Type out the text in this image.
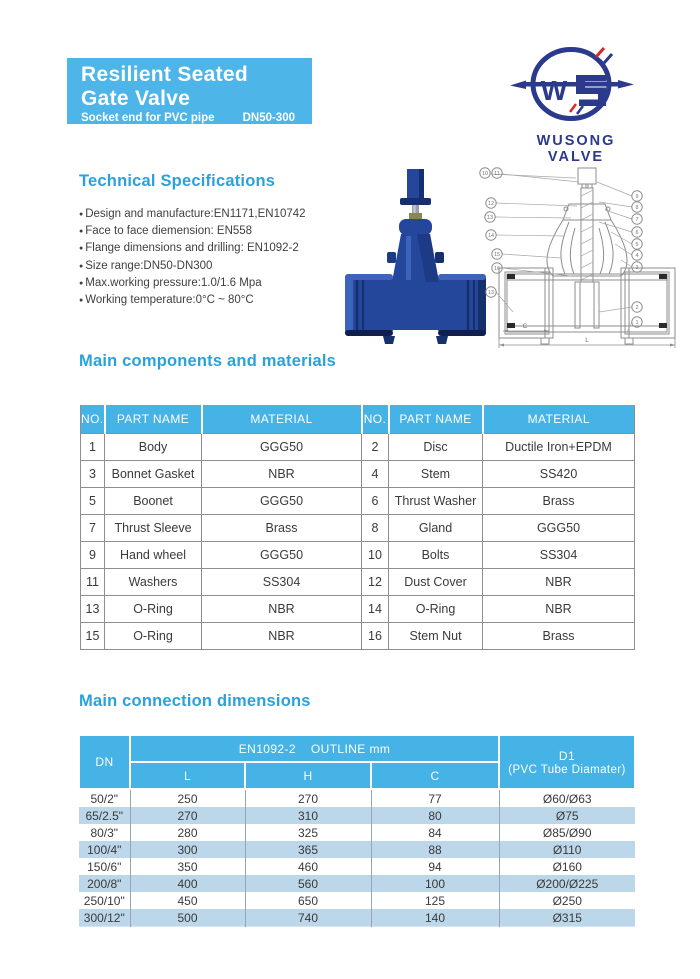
Resilient Seated
Gate Valve
Socket end for PVC pipe DN50-300
W
WUSONG VALVE
Technical Specifications
● Design and manufacture:EN1171,EN10742
● Face to face diemension: EN558
● Flange dimensions and drilling: EN1092-2
● Size range:DN50-DN300
● Max.working pressure:1.0/1.6 Mpa
● Working temperature:0°C ~ 80°C
10 11
12
13
14
15
16
13
9
8
7
6
5
4
3
2
1
C
L
Main components and materials
NO.	PART NAME	MATERIAL	NO.	PART NAME	MATERIAL
1	Body	GGG50	2	Disc	Ductile Iron+EPDM
3	Bonnet Gasket	NBR	4	Stem	SS420
5	Boonet	GGG50	6	Thrust Washer	Brass
7	Thrust Sleeve	Brass	8	Gland	GGG50
9	Hand wheel	GGG50	10	Bolts	SS304
11	Washers	SS304	12	Dust Cover	NBR
13	O-Ring	NBR	14	O-Ring	NBR
15	O-Ring	NBR	16	Stem Nut	Brass
Main connection dimensions
DN	EN1092-2    OUTLINE mm			D1
(PVC Tube Diamater)

	L	H	C	
50/2"	250	270	77	Ø60/Ø63
65/2.5"	270	310	80	Ø75
80/3"	280	325	84	Ø85/Ø90
100/4"	300	365	88	Ø110
150/6"	350	460	94	Ø160
200/8"	400	560	100	Ø200/Ø225
250/10"	450	650	125	Ø250
300/12"	500	740	140	Ø315
